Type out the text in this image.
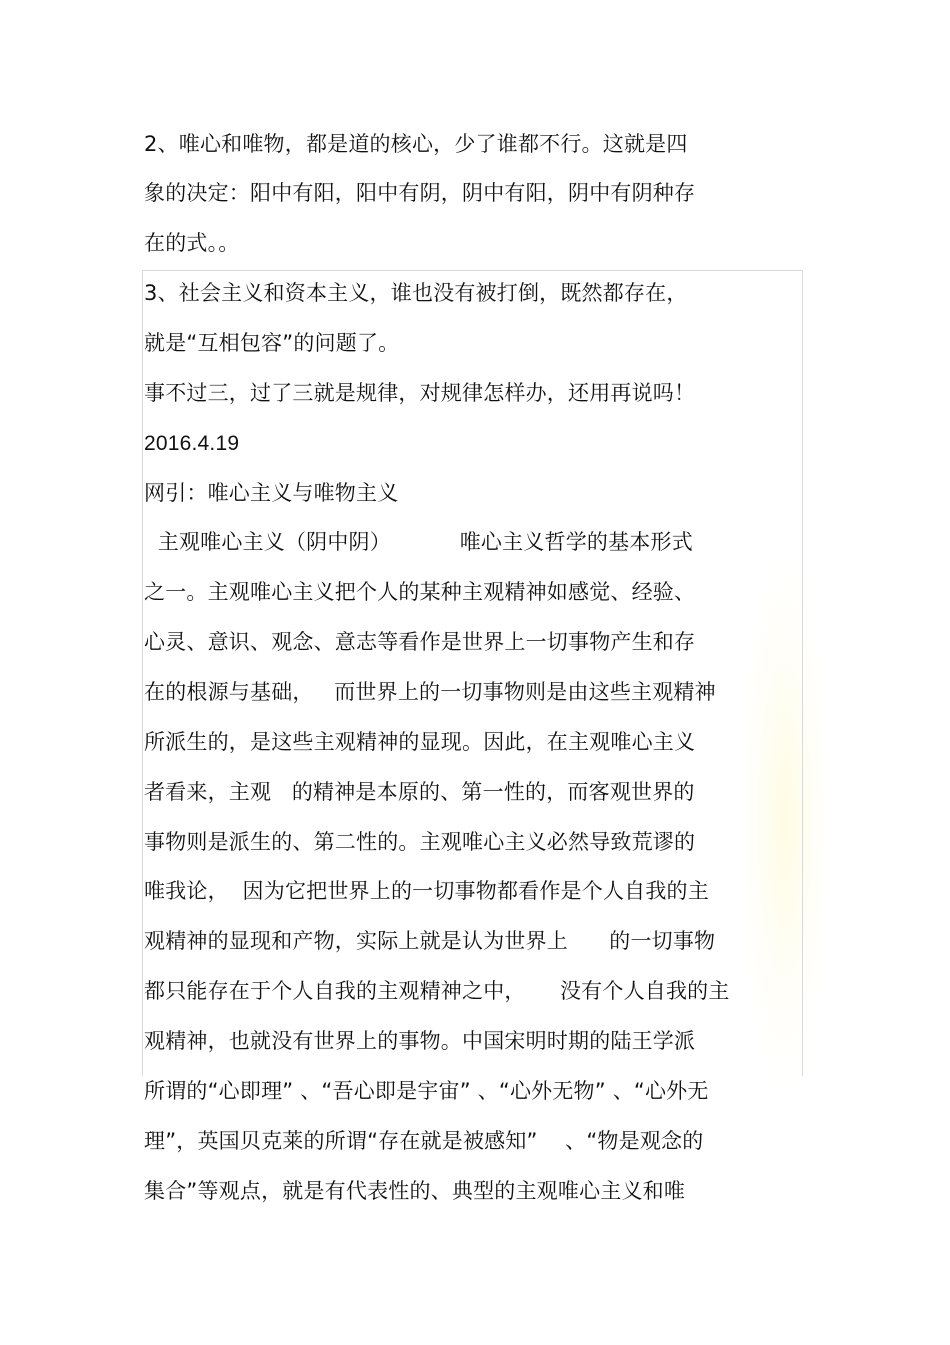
2、唯心和唯物，都是道的核心，少了谁都不行。这就是四
象的决定：阳中有阳，阳中有阴，阴中有阳，阴中有阴种存
在的式。。
3、社会主义和资本主义，谁也没有被打倒，既然都存在，
就是“互相包容”的问题了。
事不过三，过了三就是规律，对规律怎样办，还用再说吗！
2016.4.19
网引：唯心主义与唯物主义
主观唯心主义（阴中阴）          唯心主义哲学的基本形式
之一。主观唯心主义把个人的某种主观精神如感觉、经验、
心灵、意识、观念、意志等看作是世界上一切事物产生和存
在的根源与基础，   而世界上的一切事物则是由这些主观精神
所派生的，是这些主观精神的显现。因此，在主观唯心主义
者看来，主观   的精神是本原的、第一性的，而客观世界的
事物则是派生的、第二性的。主观唯心主义必然导致荒谬的
唯我论，  因为它把世界上的一切事物都看作是个人自我的主
观精神的显现和产物，实际上就是认为世界上      的一切事物
都只能存在于个人自我的主观精神之中，     没有个人自我的主
观精神，也就没有世界上的事物。中国宋明时期的陆王学派
所谓的“心即理” 、“吾心即是宇宙” 、“心外无物” 、“心外无
理”，英国贝克莱的所谓“存在就是被感知”    、“物是观念的
集合”等观点，就是有代表性的、典型的主观唯心主义和唯
